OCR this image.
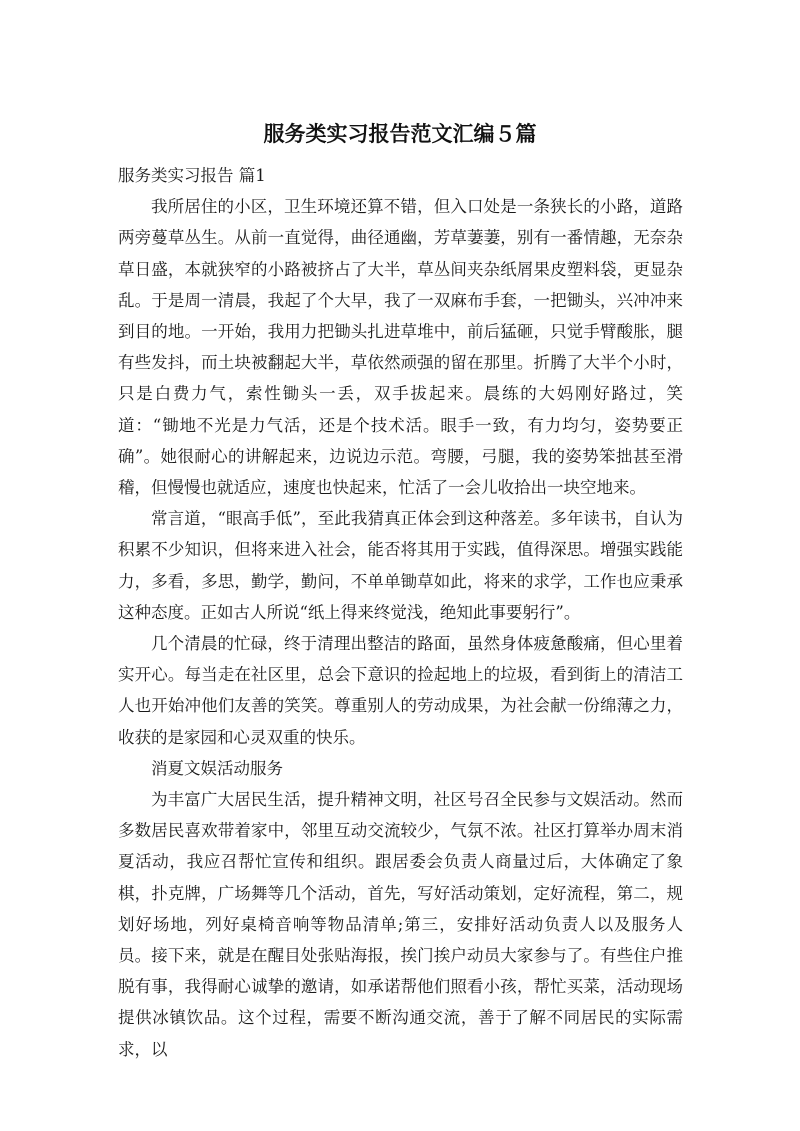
服务类实习报告范文汇编５篇

服务类实习报告 篇1

我所居住的小区，卫生环境还算不错，但入口处是一条狭长的小路，道路两旁蔓草丛生。从前一直觉得，曲径通幽，芳草萋萋，别有一番情趣，无奈杂草日盛，本就狭窄的小路被挤占了大半，草丛间夹杂纸屑果皮塑料袋，更显杂乱。于是周一清晨，我起了个大早，我了一双麻布手套，一把锄头，兴冲冲来到目的地。一开始，我用力把锄头扎进草堆中，前后猛砸，只觉手臂酸胀，腿有些发抖，而土块被翻起大半，草依然顽强的留在那里。折腾了大半个小时，只是白费力气，索性锄头一丢，双手拔起来。晨练的大妈刚好路过，笑道：“锄地不光是力气活，还是个技术活。眼手一致，有力均匀，姿势要正确”。她很耐心的讲解起来，边说边示范。弯腰，弓腿，我的姿势笨拙甚至滑稽，但慢慢也就适应，速度也快起来，忙活了一会儿收拾出一块空地来。

常言道，“眼高手低”，至此我猜真正体会到这种落差。多年读书，自认为积累不少知识，但将来进入社会，能否将其用于实践，值得深思。增强实践能力，多看，多思，勤学，勤问，不单单锄草如此，将来的求学，工作也应秉承这种态度。正如古人所说“纸上得来终觉浅，绝知此事要躬行”。

几个清晨的忙碌，终于清理出整洁的路面，虽然身体疲惫酸痛，但心里着实开心。每当走在社区里，总会下意识的捡起地上的垃圾，看到街上的清洁工人也开始冲他们友善的笑笑。尊重别人的劳动成果，为社会献一份绵薄之力，收获的是家园和心灵双重的快乐。

消夏文娱活动服务

为丰富广大居民生活，提升精神文明，社区号召全民参与文娱活动。然而多数居民喜欢带着家中，邻里互动交流较少，气氛不浓。社区打算举办周末消夏活动，我应召帮忙宣传和组织。跟居委会负责人商量过后，大体确定了象棋，扑克牌，广场舞等几个活动，首先，写好活动策划，定好流程，第二，规划好场地，列好桌椅音响等物品清单;第三，安排好活动负责人以及服务人员。接下来，就是在醒目处张贴海报，挨门挨户动员大家参与了。有些住户推脱有事，我得耐心诚挚的邀请，如承诺帮他们照看小孩，帮忙买菜，活动现场提供冰镇饮品。这个过程，需要不断沟通交流，善于了解不同居民的实际需求，以
